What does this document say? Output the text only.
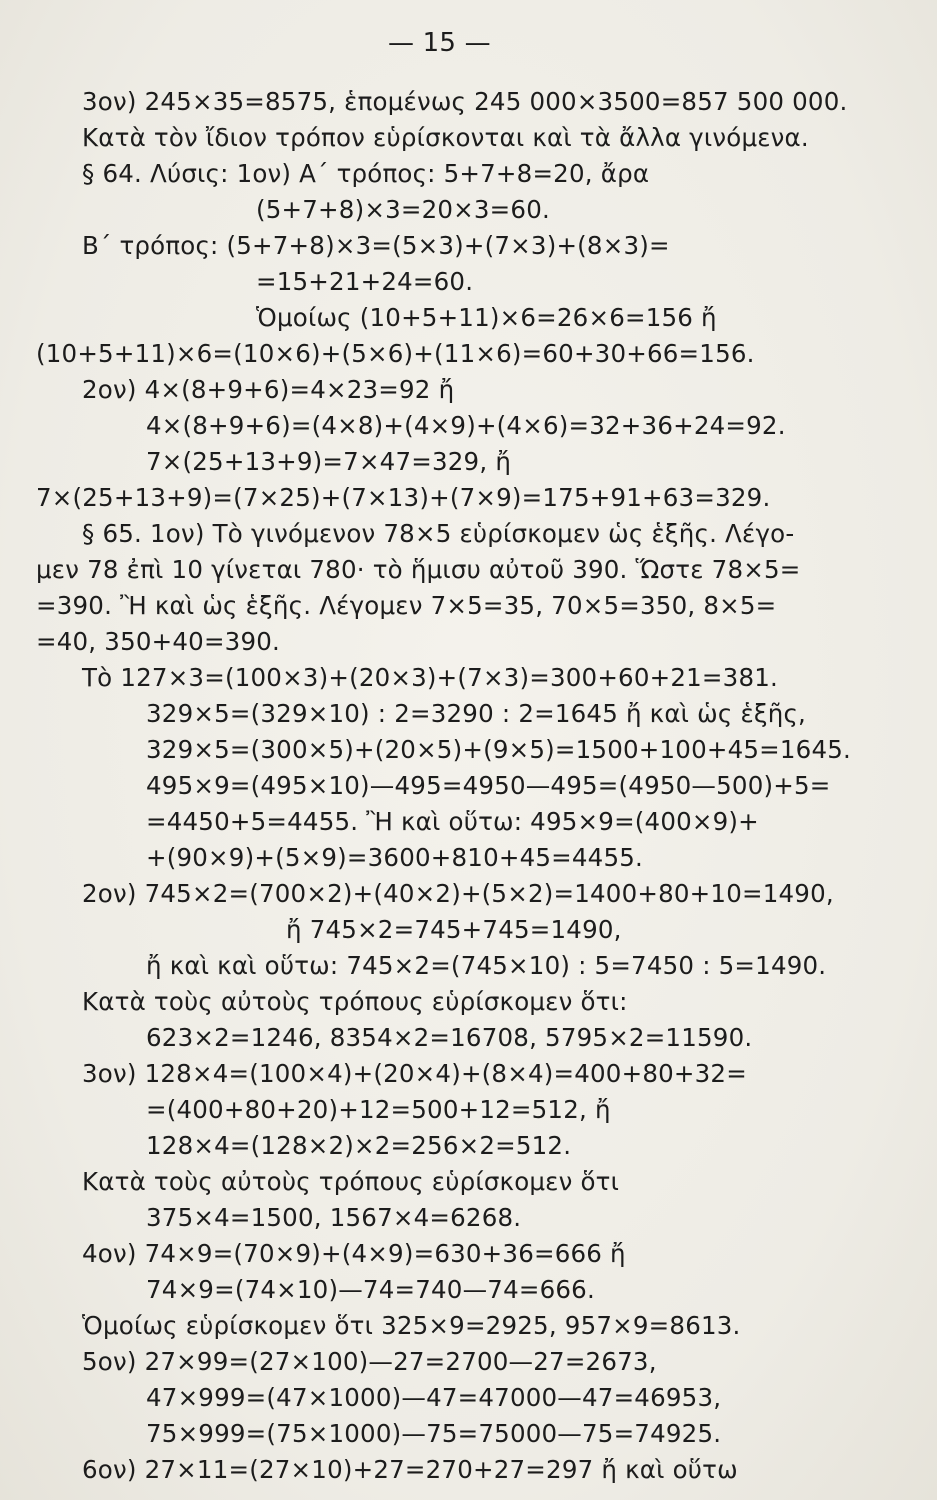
— 15 —
3ον) 245×35=8575, ἑπομένως 245 000×3500=857 500 000.
Κατὰ τὸν ἴδιον τρόπον εὑρίσκονται καὶ τὰ ἄλλα γινόμενα.
§ 64. Λύσις: 1ον) Α΄ τρόπος: 5+7+8=20, ἄρα
(5+7+8)×3=20×3=60.
Β΄ τρόπος: (5+7+8)×3=(5×3)+(7×3)+(8×3)=
=15+21+24=60.
Ὁμοίως (10+5+11)×6=26×6=156 ἤ
(10+5+11)×6=(10×6)+(5×6)+(11×6)=60+30+66=156.
2ον) 4×(8+9+6)=4×23=92 ἤ
4×(8+9+6)=(4×8)+(4×9)+(4×6)=32+36+24=92.
7×(25+13+9)=7×47=329, ἤ
7×(25+13+9)=(7×25)+(7×13)+(7×9)=175+91+63=329.
§ 65. 1ον) Τὸ γινόμενον 78×5 εὑρίσκομεν ὡς ἑξῆς. Λέγο-
μεν 78 ἐπὶ 10 γίνεται 780· τὸ ἥμισυ αὐτοῦ 390. Ὥστε 78×5=
=390. Ἢ καὶ ὡς ἑξῆς. Λέγομεν 7×5=35, 70×5=350, 8×5=
=40, 350+40=390.
Τὸ 127×3=(100×3)+(20×3)+(7×3)=300+60+21=381.
329×5=(329×10) : 2=3290 : 2=1645 ἤ καὶ ὡς ἑξῆς,
329×5=(300×5)+(20×5)+(9×5)=1500+100+45=1645.
495×9=(495×10)—495=4950—495=(4950—500)+5=
=4450+5=4455. Ἢ καὶ οὕτω: 495×9=(400×9)+
+(90×9)+(5×9)=3600+810+45=4455.
2ον) 745×2=(700×2)+(40×2)+(5×2)=1400+80+10=1490,
ἤ 745×2=745+745=1490,
ἤ καὶ καὶ οὕτω: 745×2=(745×10) : 5=7450 : 5=1490.
Κατὰ τοὺς αὐτοὺς τρόπους εὑρίσκομεν ὅτι:
623×2=1246, 8354×2=16708, 5795×2=11590.
3ον) 128×4=(100×4)+(20×4)+(8×4)=400+80+32=
=(400+80+20)+12=500+12=512, ἤ
128×4=(128×2)×2=256×2=512.
Κατὰ τοὺς αὐτοὺς τρόπους εὑρίσκομεν ὅτι
375×4=1500, 1567×4=6268.
4ον) 74×9=(70×9)+(4×9)=630+36=666 ἤ
74×9=(74×10)—74=740—74=666.
Ὁμοίως εὑρίσκομεν ὅτι 325×9=2925, 957×9=8613.
5ον) 27×99=(27×100)—27=2700—27=2673,
47×999=(47×1000)—47=47000—47=46953,
75×999=(75×1000)—75=75000—75=74925.
6ον) 27×11=(27×10)+27=270+27=297 ἤ καὶ οὕτω
